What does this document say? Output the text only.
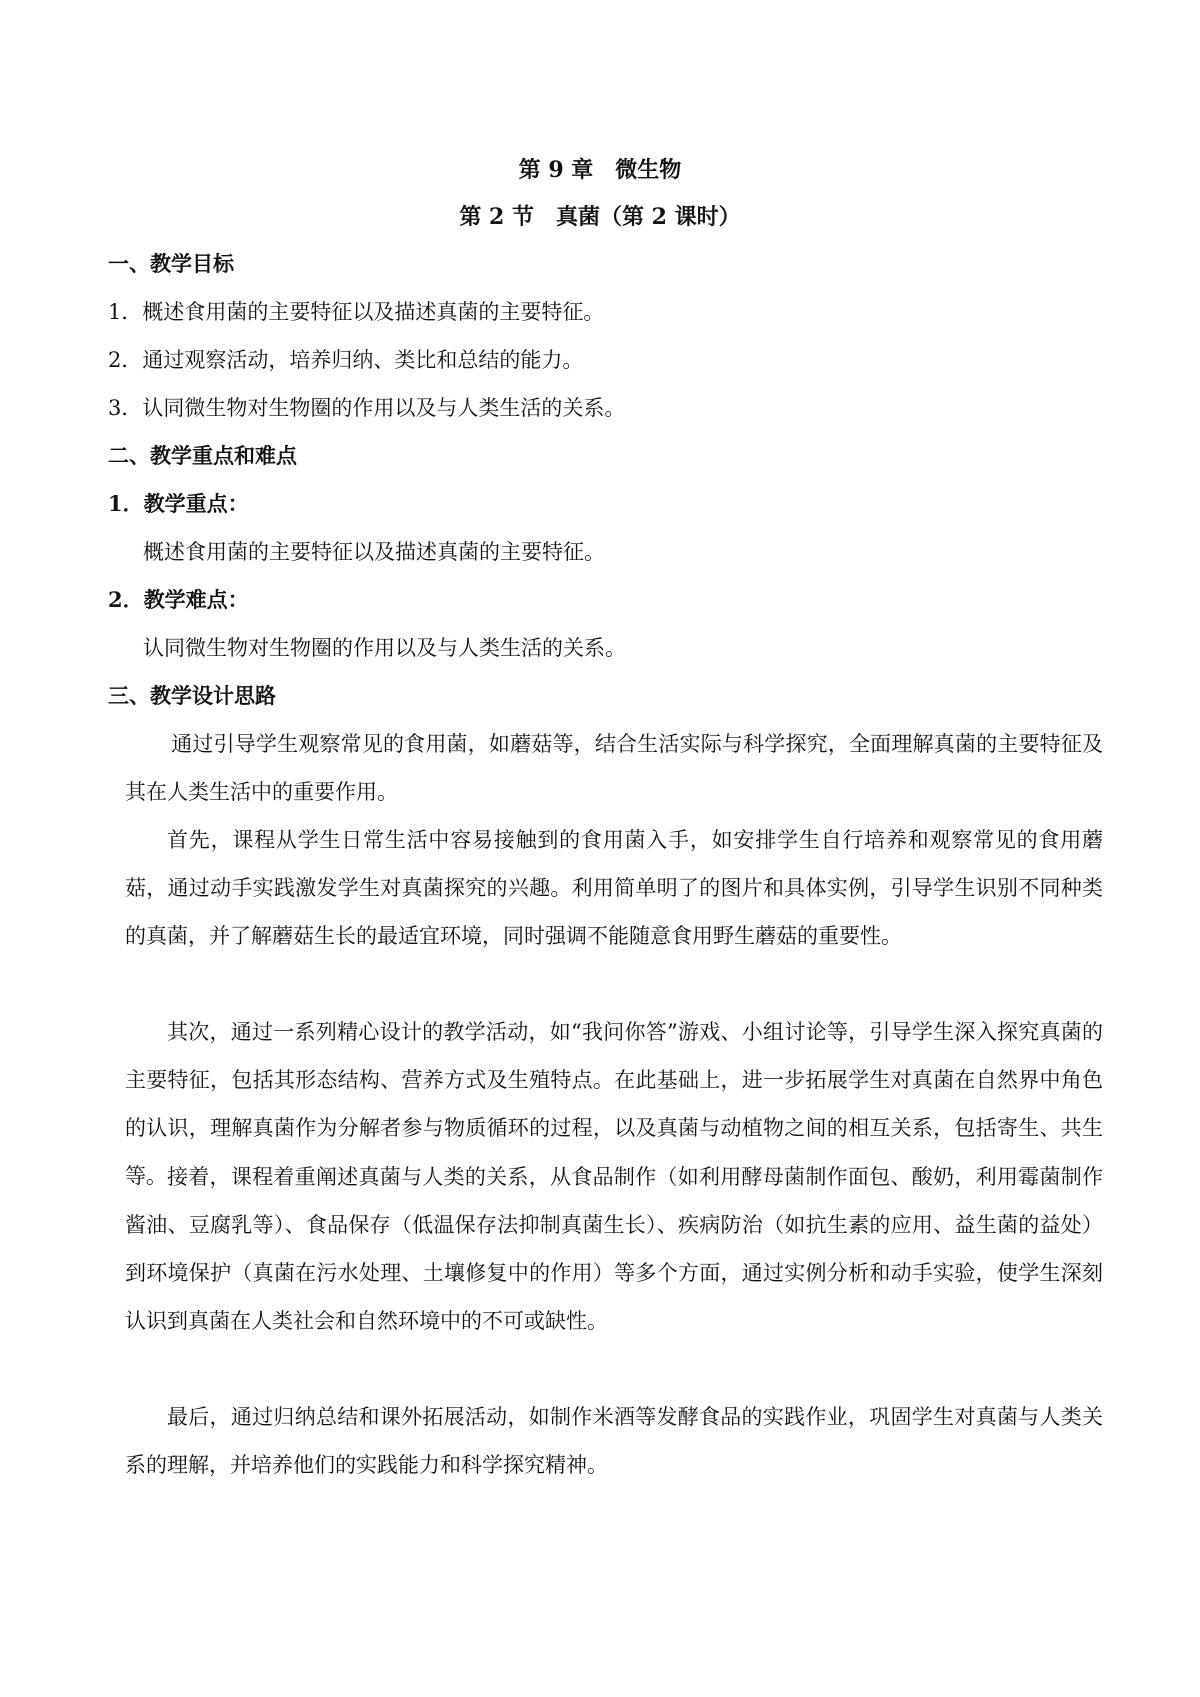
第 9 章　微生物
第 2 节　真菌（第 2 课时）
一、教学目标
1．概述食用菌的主要特征以及描述真菌的主要特征。
2．通过观察活动，培养归纳、类比和总结的能力。
3．认同微生物对生物圈的作用以及与人类生活的关系。
二、教学重点和难点
1．教学重点：
概述食用菌的主要特征以及描述真菌的主要特征。
2．教学难点：
认同微生物对生物圈的作用以及与人类生活的关系。
三、教学设计思路
通过引导学生观察常见的食用菌，如蘑菇等，结合生活实际与科学探究，全面理解真菌的主要特征及其在人类生活中的重要作用。
首先，课程从学生日常生活中容易接触到的食用菌入手，如安排学生自行培养和观察常见的食用蘑菇，通过动手实践激发学生对真菌探究的兴趣。利用简单明了的图片和具体实例，引导学生识别不同种类的真菌，并了解蘑菇生长的最适宜环境，同时强调不能随意食用野生蘑菇的重要性。
其次，通过一系列精心设计的教学活动，如“我问你答”游戏、小组讨论等，引导学生深入探究真菌的主要特征，包括其形态结构、营养方式及生殖特点。在此基础上，进一步拓展学生对真菌在自然界中角色的认识，理解真菌作为分解者参与物质循环的过程，以及真菌与动植物之间的相互关系，包括寄生、共生等。 接着，课程着重阐述真菌与人类的关系，从食品制作（如利用酵母菌制作面包、酸奶，利用霉菌制作酱油、豆腐乳等）、食品保存（低温保存法抑制真菌生长）、疾病防治（如抗生素的应用、益生菌的益处）到环境保护（真菌在污水处理、土壤修复中的作用）等多个方面，通过实例分析和动手实验，使学生深刻认识到真菌在人类社会和自然环境中的不可或缺性。
最后，通过归纳总结和课外拓展活动，如制作米酒等发酵食品的实践作业，巩固学生对真菌与人类关系的理解，并培养他们的实践能力和科学探究精神。
